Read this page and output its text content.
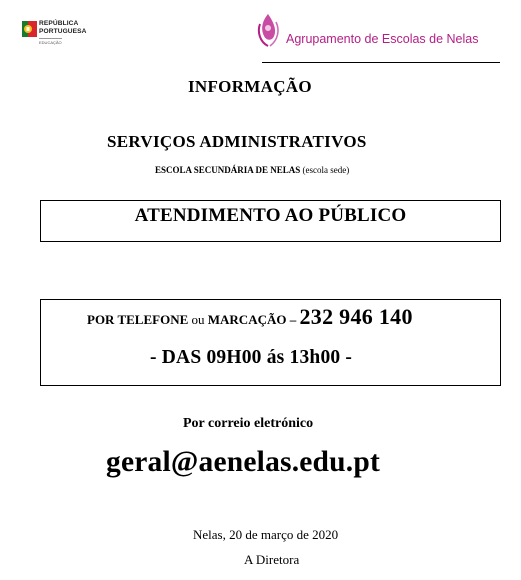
REPÚBLICA
PORTUGUESA
EDUCAÇÃO	Agrupamento de Escolas de Nelas
INFORMAÇÃO
SERVIÇOS ADMINISTRATIVOS
ESCOLA SECUNDÁRIA DE NELAS (escola sede)
ATENDIMENTO AO PÚBLICO
POR TELEFONE ou MARCAÇÃO – 232 946 140
- DAS 09H00 ás 13h00 -
Por correio eletrónico
geral@aenelas.edu.pt
Nelas, 20 de março de 2020
A Diretora
